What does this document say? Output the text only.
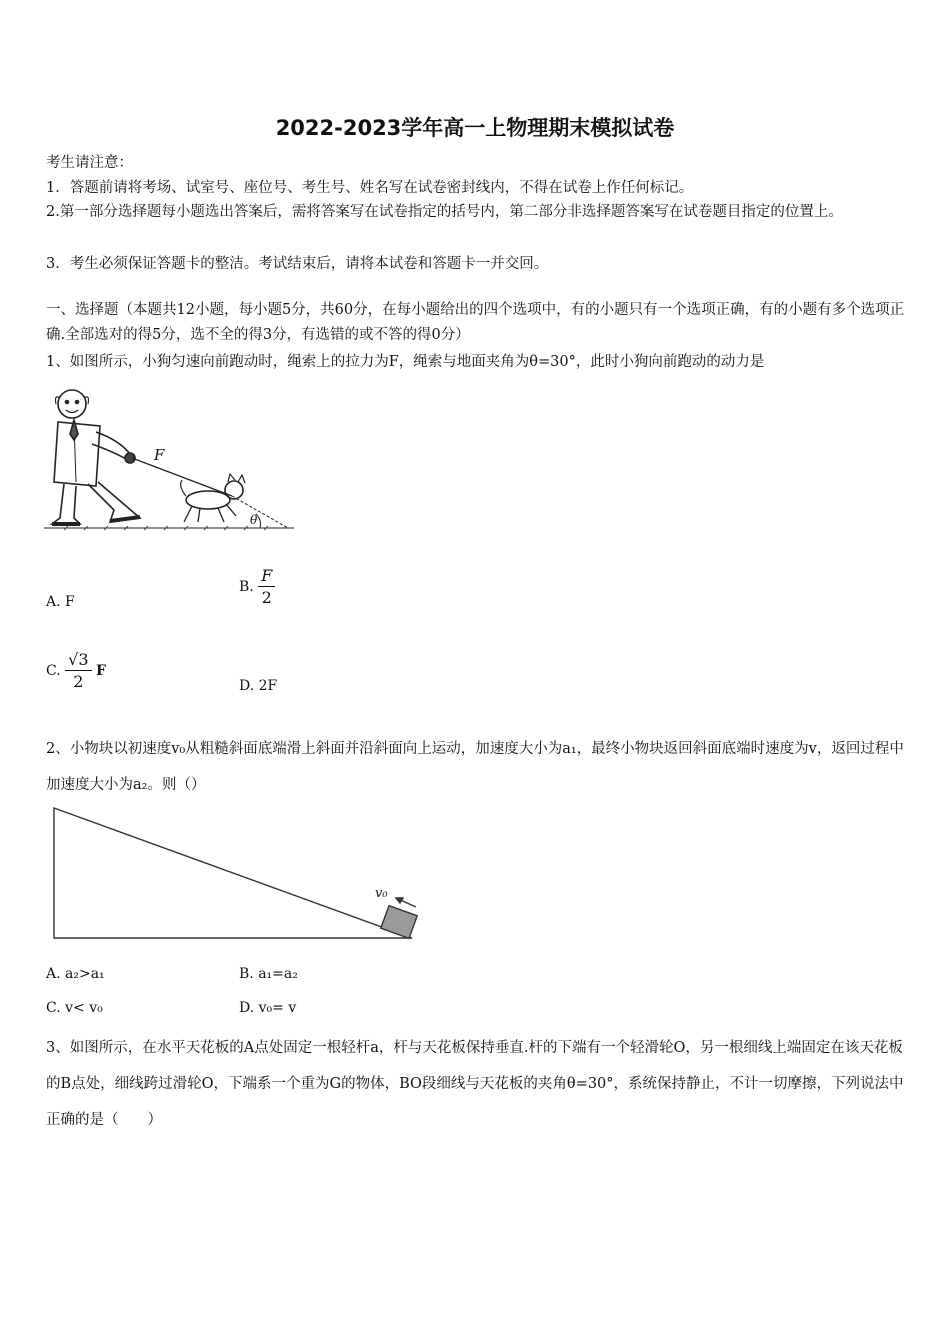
2022-2023学年高一上物理期末模拟试卷
考生请注意：
1．答题前请将考场、试室号、座位号、考生号、姓名写在试卷密封线内，不得在试卷上作任何标记。
2.第一部分选择题每小题选出答案后，需将答案写在试卷指定的括号内，第二部分非选择题答案写在试卷题目指定的位置上。
3．考生必须保证答题卡的整洁。考试结束后，请将本试卷和答题卡一并交回。
一、选择题（本题共12小题，每小题5分，共60分，在每小题给出的四个选项中，有的小题只有一个选项正确，有的小题有多个选项正确.全部选对的得5分，选不全的得3分，有选错的或不答的得0分）
1、如图所示，小狗匀速向前跑动时，绳索上的拉力为F，绳索与地面夹角为θ=30°，此时小狗向前跑动的动力是
F
θ
A. F
B. $\frac{F}{2}$
C. $\frac{√3}{2}$ F
D. 2F
2、小物块以初速度v₀从粗糙斜面底端滑上斜面并沿斜面向上运动，加速度大小为a₁，最终小物块返回斜面底端时速度为v，返回过程中加速度大小为a₂。则（）
v₀
A. a₂>a₁	B. a₁=a₂
C. v< v₀	D. v₀= v
3、如图所示，在水平天花板的A点处固定一根轻杆a，杆与天花板保持垂直.杆的下端有一个轻滑轮O，另一根细线上端固定在该天花板的B点处，细线跨过滑轮O，下端系一个重为G的物体，BO段细线与天花板的夹角θ=30°，系统保持静止，不计一切摩擦，下列说法中正确的是（　　）
